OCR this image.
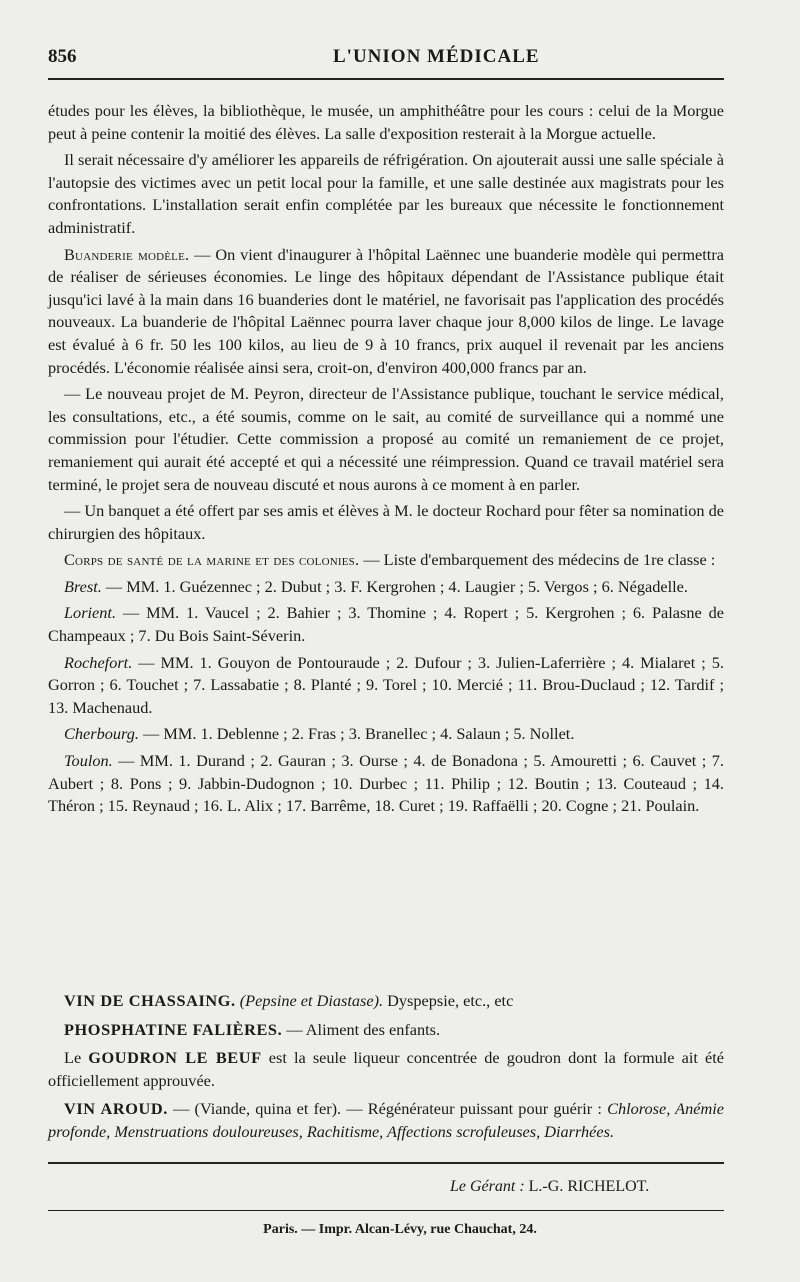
856	L'UNION MÉDICALE

études pour les élèves, la bibliothèque, le musée, un amphithéâtre pour les cours : celui de la Morgue peut à peine contenir la moitié des élèves. La salle d'exposition resterait à la Morgue actuelle.

Il serait nécessaire d'y améliorer les appareils de réfrigération. On ajouterait aussi une salle spéciale à l'autopsie des victimes avec un petit local pour la famille, et une salle destinée aux magistrats pour les confrontations. L'installation serait enfin complétée par les bureaux que nécessite le fonctionnement administratif.

Buanderie modèle. — On vient d'inaugurer à l'hôpital Laënnec une buanderie modèle qui permettra de réaliser de sérieuses économies. Le linge des hôpitaux dépendant de l'Assistance publique était jusqu'ici lavé à la main dans 16 buanderies dont le matériel, ne favorisait pas l'application des procédés nouveaux. La buanderie de l'hôpital Laënnec pourra laver chaque jour 8,000 kilos de linge. Le lavage est évalué à 6 fr. 50 les 100 kilos, au lieu de 9 à 10 francs, prix auquel il revenait par les anciens procédés. L'économie réalisée ainsi sera, croit-on, d'environ 400,000 francs par an.

— Le nouveau projet de M. Peyron, directeur de l'Assistance publique, touchant le service médical, les consultations, etc., a été soumis, comme on le sait, au comité de surveillance qui a nommé une commission pour l'étudier. Cette commission a proposé au comité un remaniement de ce projet, remaniement qui aurait été accepté et qui a nécessité une réimpression. Quand ce travail matériel sera terminé, le projet sera de nouveau discuté et nous aurons à ce moment à en parler.

— Un banquet a été offert par ses amis et élèves à M. le docteur Rochard pour fêter sa nomination de chirurgien des hôpitaux.

Corps de santé de la marine et des colonies. — Liste d'embarquement des médecins de 1re classe :

Brest. — MM. 1. Guézennec ; 2. Dubut ; 3. F. Kergrohen ; 4. Laugier ; 5. Vergos ; 6. Négadelle.

Lorient. — MM. 1. Vaucel ; 2. Bahier ; 3. Thomine ; 4. Ropert ; 5. Kergrohen ; 6. Palasne de Champeaux ; 7. Du Bois Saint-Séverin.

Rochefort. — MM. 1. Gouyon de Pontouraude ; 2. Dufour ; 3. Julien-Laferrière ; 4. Mialaret ; 5. Gorron ; 6. Touchet ; 7. Lassabatie ; 8. Planté ; 9. Torel ; 10. Mercié ; 11. Brou-Duclaud ; 12. Tardif ; 13. Machenaud.

Cherbourg. — MM. 1. Deblenne ; 2. Fras ; 3. Branellec ; 4. Salaun ; 5. Nollet.

Toulon. — MM. 1. Durand ; 2. Gauran ; 3. Ourse ; 4. de Bonadona ; 5. Amouretti ; 6. Cauvet ; 7. Aubert ; 8. Pons ; 9. Jabbin-Dudognon ; 10. Durbec ; 11. Philip ; 12. Boutin ; 13. Couteaud ; 14. Théron ; 15. Reynaud ; 16. L. Alix ; 17. Barrême, 18. Curet ; 19. Raffaëlli ; 20. Cogne ; 21. Poulain.

VIN DE CHASSAING. (Pepsine et Diastase). Dyspepsie, etc., etc

PHOSPHATINE FALIÈRES. — Aliment des enfants.

Le GOUDRON LE BEUF est la seule liqueur concentrée de goudron dont la formule ait été officiellement approuvée.

VIN AROUD. — (Viande, quina et fer). — Régénérateur puissant pour guérir : Chlorose, Anémie profonde, Menstruations douloureuses, Rachitisme, Affections scrofuleuses, Diarrhées.

Le Gérant : L.-G. RICHELOT.
Paris. — Impr. Alcan-Lévy, rue Chauchat, 24.
